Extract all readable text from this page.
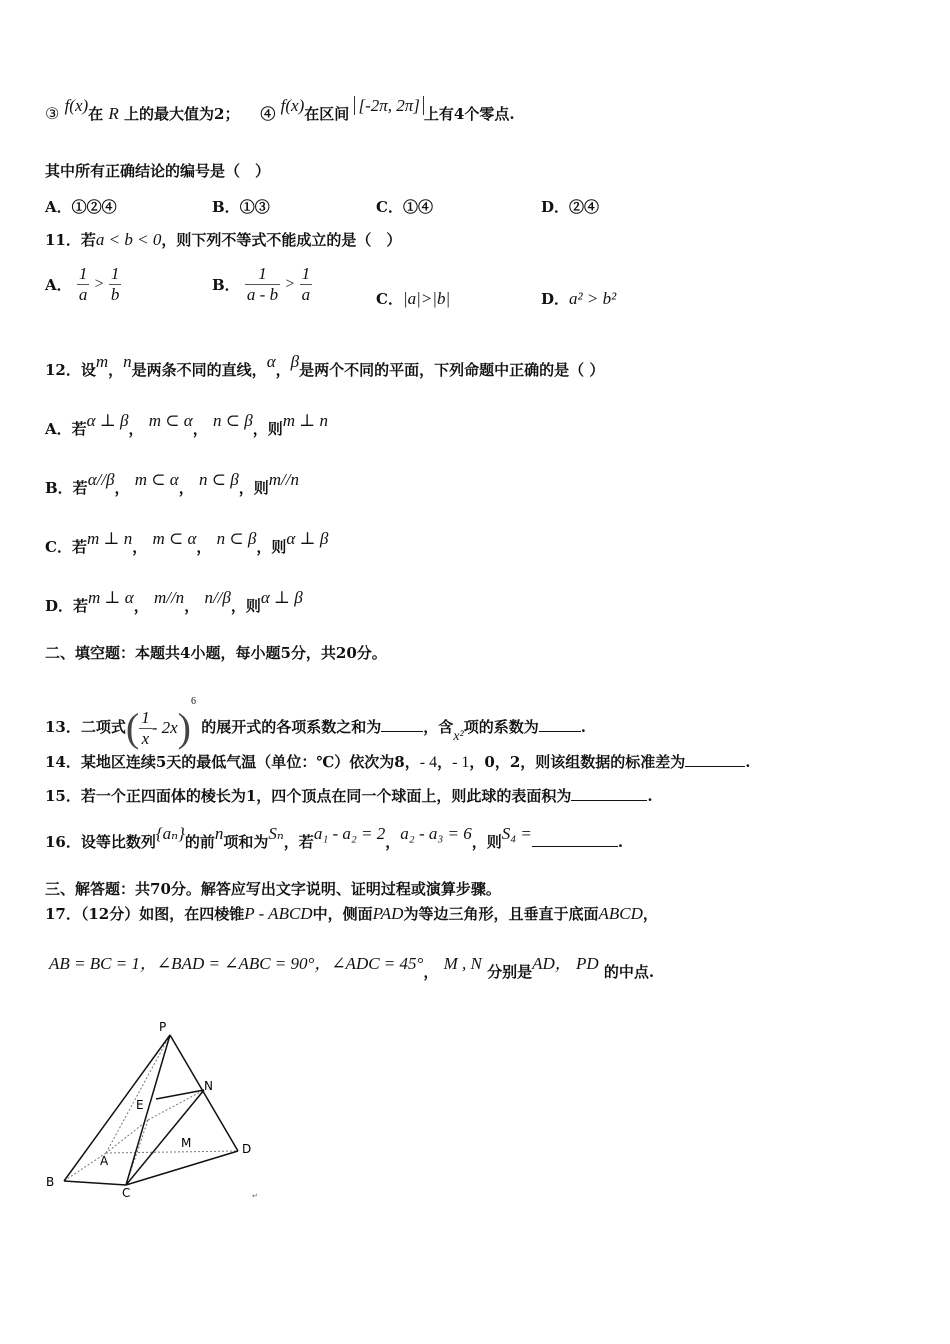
③ f(x)在 R 上的最大值为2； ④ f(x)在区间 [-2π, 2π] 上有4个零点.
其中所有正确结论的编号是（　）
A．①②④	B．①③	C．①④	D．②④
11．若a < b < 0，则下列不等式不能成立的是（　）
A． $\frac{1}{a} > \frac{1}{b}$	B． $\frac{1}{a - b} > \frac{1}{a}$	C．|a|>|b|	D．a² > b²
12．设m，n是两条不同的直线，α，β是两个不同的平面，下列命题中正确的是（ ）
A．若α ⊥ β， m ⊂ α， n ⊂ β，则m ⊥ n
B．若α//β， m ⊂ α， n ⊂ β，则m//n
C．若m ⊥ n， m ⊂ α， n ⊂ β，则α ⊥ β
D．若m ⊥ α， m//n， n//β，则α ⊥ β
二、填空题：本题共4小题，每小题5分，共20分。
13．二项式( $\frac{1}{x} - 2x)^6$ 的展开式的各项系数之和为	，含x²项的系数为	.
14．某地区连续5天的最低气温（单位：℃）依次为8，- 4，- 1，0，2，则该组数据的标准差为	.
15．若一个正四面体的棱长为1，四个顶点在同一个球面上，则此球的表面积为	.
16．设等比数列{aₙ}的前n项和为Sₙ，若a₁ - a₂ = 2，a₂ - a₃ = 6，则S₄ =	.
三、解答题：共70分。解答应写出文字说明、证明过程或演算步骤。
17．（12分）如图，在四棱锥P - ABCD中，侧面PAD为等边三角形，且垂直于底面ABCD，
AB = BC = 1，∠BAD = ∠ABC = 90°，∠ADC = 45°， M , N 分别是AD， PD 的中点.
P
N
E
M
A
D
B
C	↵
